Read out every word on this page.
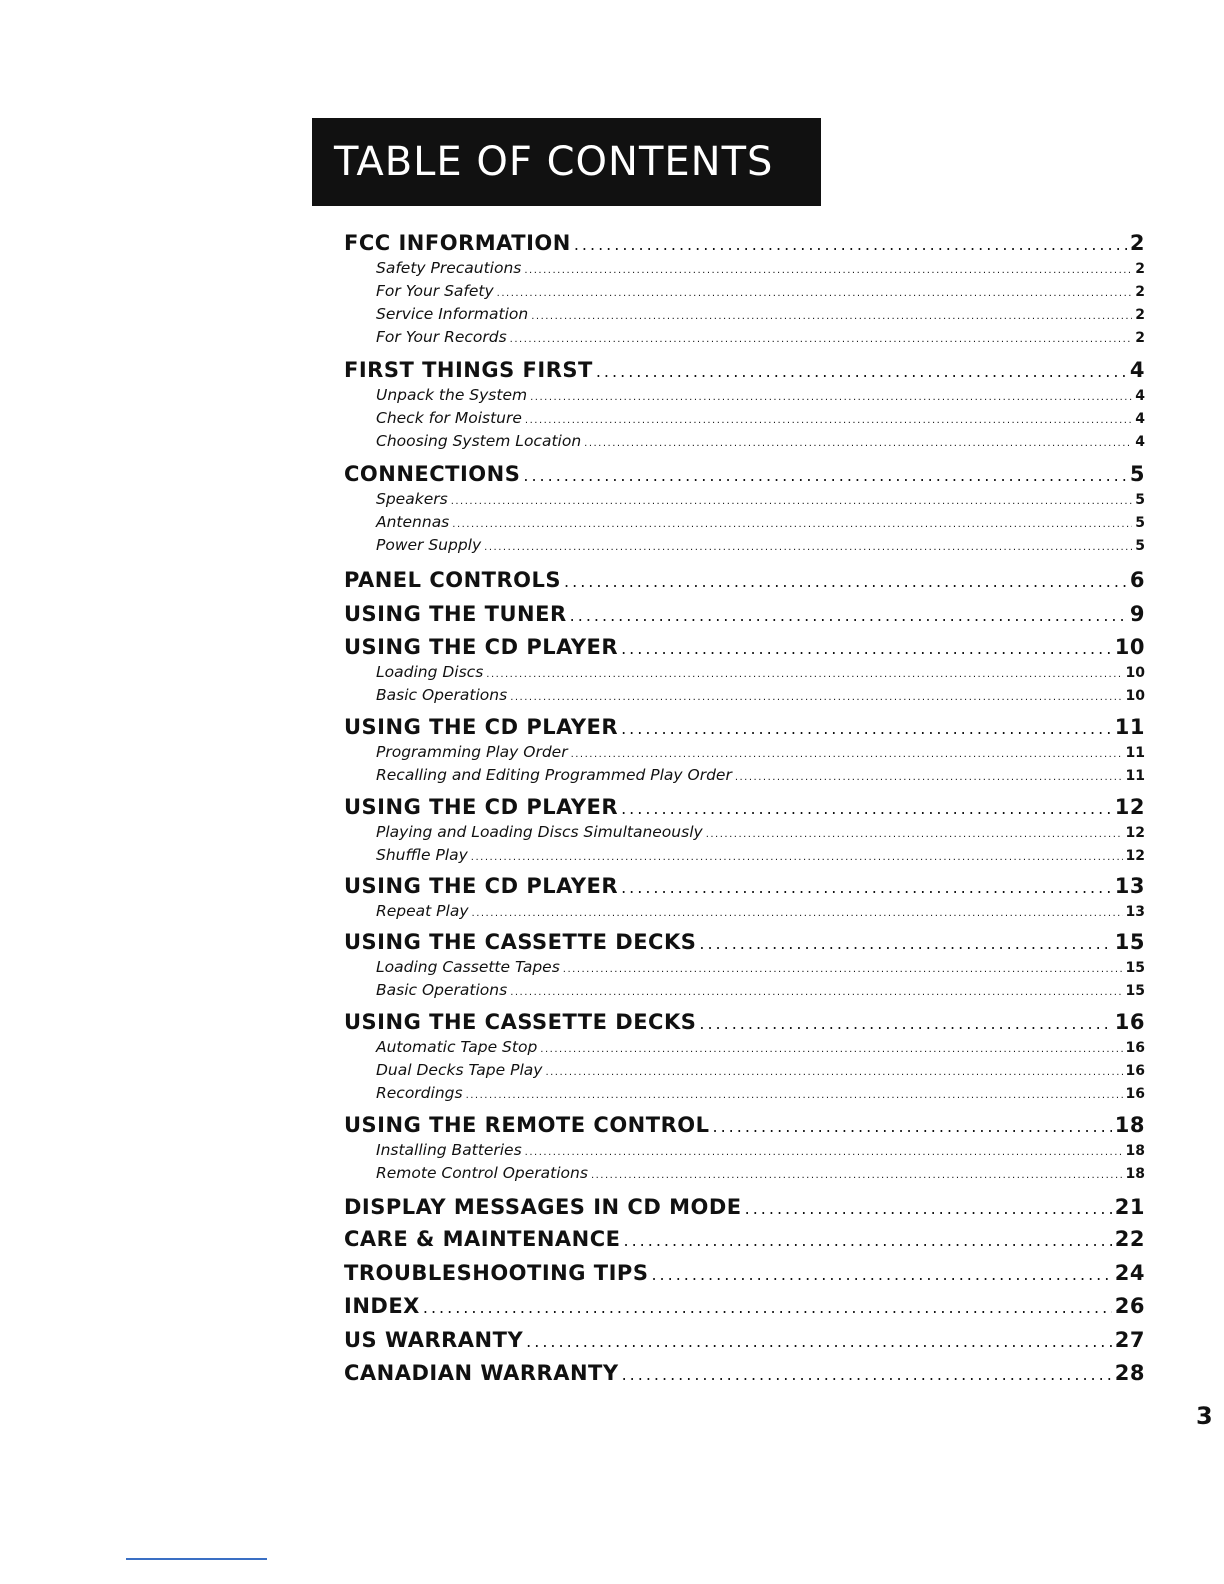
TABLE OF CONTENTS
FCC INFORMATION .....	2
Safety Precautions .....	2
For Your Safety .....	2
Service Information .....	2
For Your Records .....	2
FIRST THINGS FIRST .....	4
Unpack the System .....	4
Check for Moisture .....	4
Choosing System Location .....	4
CONNECTIONS .....	5
Speakers .....	5
Antennas .....	5
Power Supply .....	5
PANEL CONTROLS .....	6
USING THE TUNER .....	9
USING THE CD PLAYER .....	10
Loading Discs .....	10
Basic Operations .....	10
USING THE CD PLAYER .....	11
Programming Play Order .....	11
Recalling and Editing Programmed Play Order .....	11
USING THE CD PLAYER .....	12
Playing and Loading Discs Simultaneously .....	12
Shuffle Play .....	12
USING THE CD PLAYER .....	13
Repeat Play .....	13
USING THE CASSETTE DECKS .....	15
Loading Cassette Tapes .....	15
Basic Operations .....	15
USING THE CASSETTE DECKS .....	16
Automatic Tape Stop .....	16
Dual Decks Tape Play .....	16
Recordings .....	16
USING THE REMOTE CONTROL .....	18
Installing Batteries .....	18
Remote Control Operations .....	18
DISPLAY MESSAGES IN CD MODE .....	21
CARE & MAINTENANCE .....	22
TROUBLESHOOTING TIPS .....	24
INDEX .....	26
US WARRANTY .....	27
CANADIAN WARRANTY .....	28
3
